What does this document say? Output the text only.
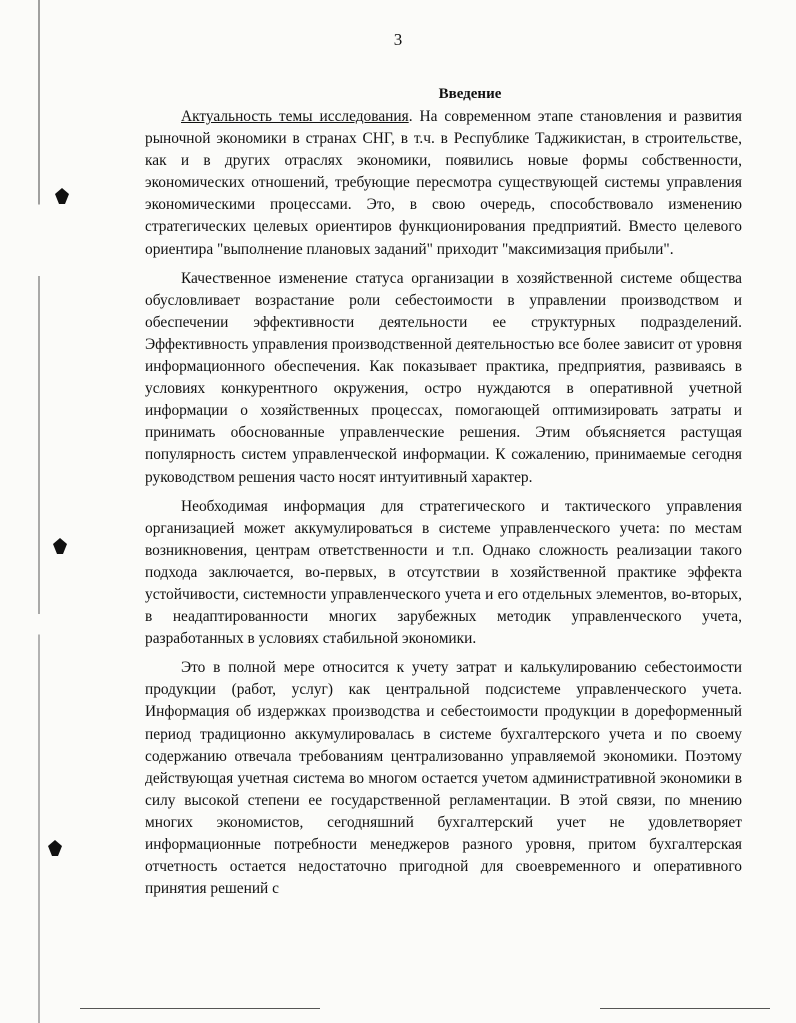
3
Введение

Актуальность темы исследования. На современном этапе становления и развития рыночной экономики в странах СНГ, в т.ч. в Республике Таджикистан, в строительстве, как и в других отраслях экономики, появились новые формы собственности, экономических отношений, требующие пересмотра существующей системы управления экономическими процессами. Это, в свою очередь, способствовало изменению стратегических целевых ориентиров функционирования предприятий. Вместо целевого ориентира "выполнение плановых заданий" приходит "максимизация прибыли".

Качественное изменение статуса организации в хозяйственной системе общества обусловливает возрастание роли себестоимости в управлении производством и обеспечении эффективности деятельности ее структурных подразделений. Эффективность управления производственной деятельностью все более зависит от уровня информационного обеспечения. Как показывает практика, предприятия, развиваясь в условиях конкурентного окружения, остро нуждаются в оперативной учетной информации о хозяйственных процессах, помогающей оптимизировать затраты и принимать обоснованные управленческие решения. Этим объясняется растущая популярность систем управленческой информации. К сожалению, принимаемые сегодня руководством решения часто носят интуитивный характер.

Необходимая информация для стратегического и тактического управления организацией может аккумулироваться в системе управленческого учета: по местам возникновения, центрам ответственности и т.п. Однако сложность реализации такого подхода заключается, во-первых, в отсутствии в хозяйственной практике эффекта устойчивости, системности управленческого учета и его отдельных элементов, во-вторых, в неадаптированности многих зарубежных методик управленческого учета, разработанных в условиях стабильной экономики.

Это в полной мере относится к учету затрат и калькулированию себестоимости продукции (работ, услуг) как центральной подсистеме управленческого учета. Информация об издержках производства и себестоимости продукции в дореформенный период традиционно аккумулировалась в системе бухгалтерского учета и по своему содержанию отвечала требованиям централизованно управляемой экономики. Поэтому действующая учетная система во многом остается учетом административной экономики в силу высокой степени ее государственной регламентации. В этой связи, по мнению многих экономистов, сегодняшний бухгалтерский учет не удовлетворяет информационные потребности менеджеров разного уровня, притом бухгалтерская отчетность остается недостаточно пригодной для своевременного и оперативного принятия решений с
